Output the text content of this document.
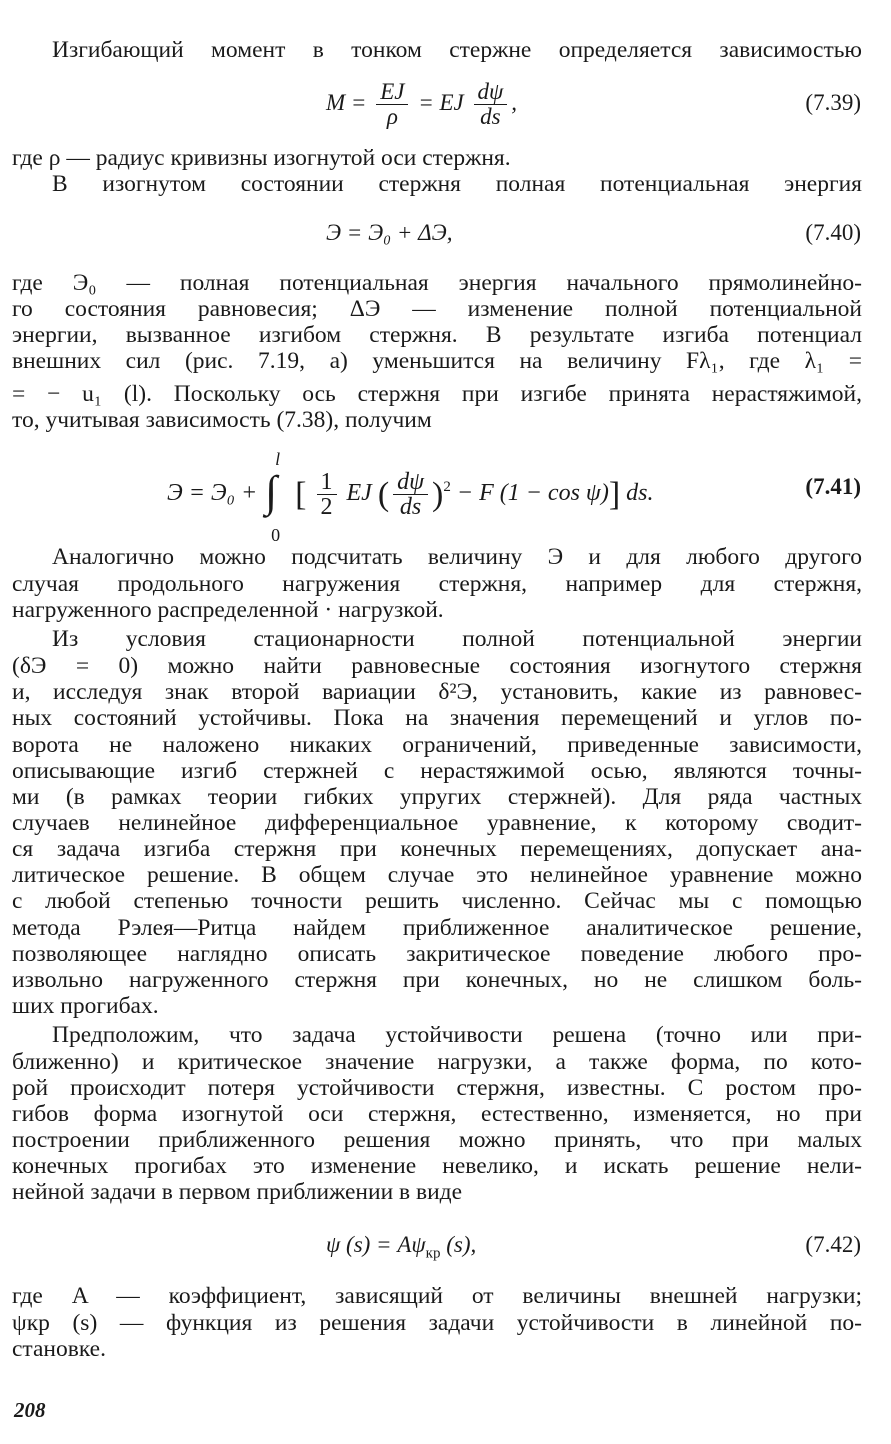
Изгибающий момент в тонком стержне определяется зависимостью
$M = \frac{EJ}{\rho}$ = EJ $\frac{d\psi}{ds}$ ,	(7.39)
где ρ — радиус кривизны изогнутой оси стержня.
В изогнутом состоянии стержня полная потенциальная энергия
Э = Э₀ + ΔЭ,	(7.40)
где Э₀ — полная потенциальная энергия начального прямолинейно-
го состояния равновесия; ΔЭ — изменение полной потенциальной
энергии, вызванное изгибом стержня. В результате изгиба потенциал
внешних сил (рис. 7.19, а) уменьшится на величину Fλ₁, где λ₁ =
= − u₁ (l). Поскольку ось стержня при изгибе принята нерастяжимой,
то, учитывая зависимость (7.38), получим
Э = Э₀ + ∫
l
0
[ $\frac{1}{2}$ EJ ( $\frac{d\psi}{ds} )^2 - F$ (1 − cos ψ)] ds.	(7.41)
Аналогично можно подсчитать величину Э и для любого другого
случая продольного нагружения стержня, например для стержня,
нагруженного распределенной · нагрузкой.
Из условия стационарности полной потенциальной энергии
(δЭ = 0) можно найти равновесные состояния изогнутого стержня
и, исследуя знак второй вариации δ²Э, установить, какие из равновес-
ных состояний устойчивы. Пока на значения перемещений и углов по-
ворота не наложено никаких ограничений, приведенные зависимости,
описывающие изгиб стержней с нерастяжимой осью, являются точны-
ми (в рамках теории гибких упругих стержней). Для ряда частных
случаев нелинейное дифференциальное уравнение, к которому сводит-
ся задача изгиба стержня при конечных перемещениях, допускает ана-
литическое решение. В общем случае это нелинейное уравнение можно
с любой степенью точности решить численно. Сейчас мы с помощью
метода Рэлея—Ритца найдем приближенное аналитическое решение,
позволяющее наглядно описать закритическое поведение любого про-
извольно нагруженного стержня при конечных, но не слишком боль-
ших прогибах.
Предположим, что задача устойчивости решена (точно или при-
ближенно) и критическое значение нагрузки, а также форма, по кото-
рой происходит потеря устойчивости стержня, известны. С ростом про-
гибов форма изогнутой оси стержня, естественно, изменяется, но при
построении приближенного решения можно принять, что при малых
конечных прогибах это изменение невелико, и искать решение нели-
нейной задачи в первом приближении в виде
ψ $(s) = A\psi_{кр}$ (s),	(7.42)
где A — коэффициент, зависящий от величины внешней нагрузки;
ψкр (s) — функция из решения задачи устойчивости в линейной по-
становке.
208
